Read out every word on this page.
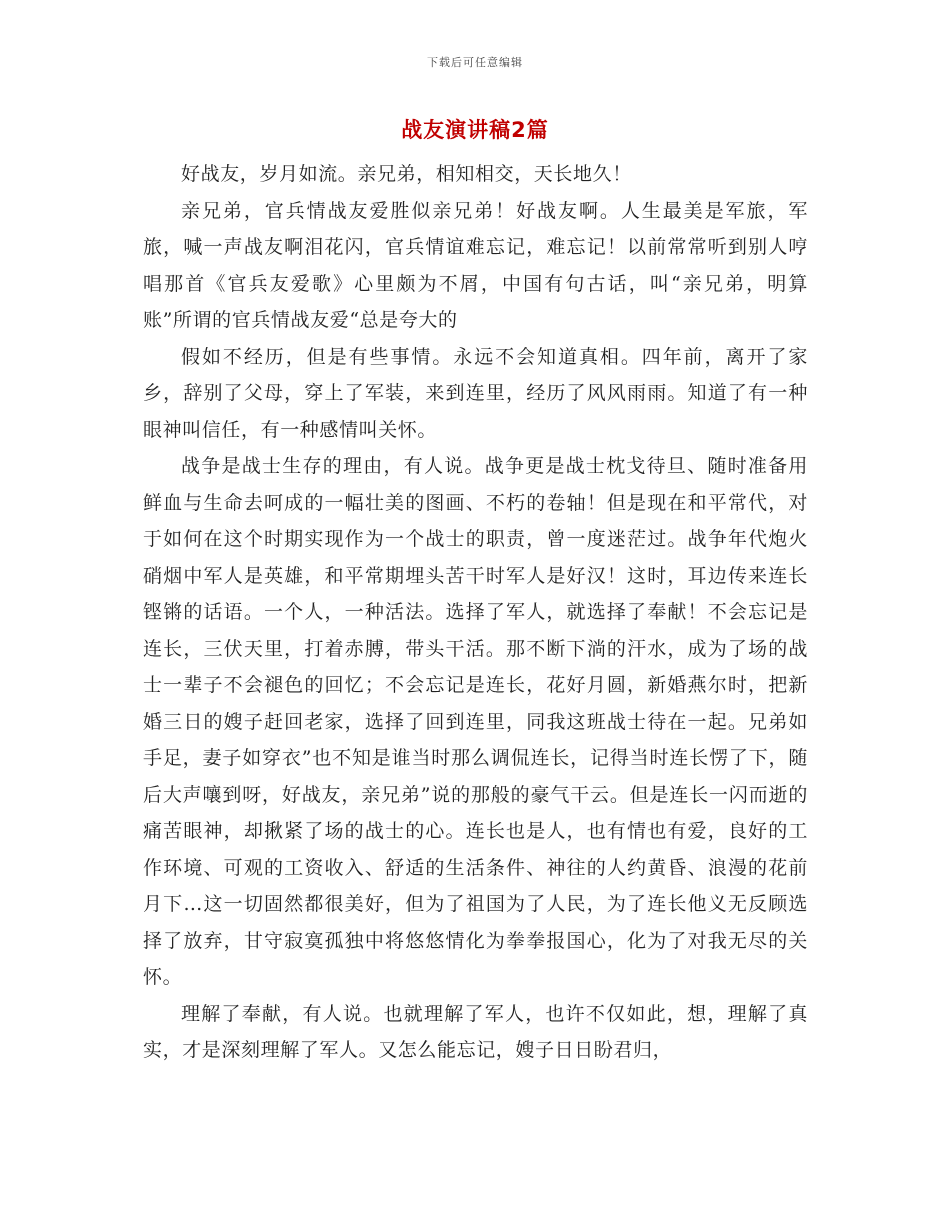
下载后可任意编辑
战友演讲稿2篇

好战友，岁月如流。亲兄弟，相知相交，天长地久！

亲兄弟，官兵情战友爱胜似亲兄弟！好战友啊。人生最美是军旅，军旅，喊一声战友啊泪花闪，官兵情谊难忘记，难忘记！以前常常听到别人哼唱那首《官兵友爱歌》心里颇为不屑，中国有句古话，叫“亲兄弟，明算账”所谓的官兵情战友爱“总是夸大的

假如不经历，但是有些事情。永远不会知道真相。四年前，离开了家乡，辞别了父母，穿上了军装，来到连里，经历了风风雨雨。知道了有一种眼神叫信任，有一种感情叫关怀。

战争是战士生存的理由，有人说。战争更是战士枕戈待旦、随时准备用鲜血与生命去呵成的一幅壮美的图画、不朽的卷轴！但是现在和平常代，对于如何在这个时期实现作为一个战士的职责，曾一度迷茫过。战争年代炮火硝烟中军人是英雄，和平常期埋头苦干时军人是好汉！这时，耳边传来连长铿锵的话语。一个人，一种活法。选择了军人，就选择了奉献！不会忘记是连长，三伏天里，打着赤膊，带头干活。那不断下淌的汗水，成为了场的战士一辈子不会褪色的回忆；不会忘记是连长，花好月圆，新婚燕尔时，把新婚三日的嫂子赶回老家，选择了回到连里，同我这班战士待在一起。兄弟如手足，妻子如穿衣”也不知是谁当时那么调侃连长，记得当时连长愣了下，随后大声嚷到呀，好战友，亲兄弟”说的那般的豪气干云。但是连长一闪而逝的痛苦眼神，却揪紧了场的战士的心。连长也是人，也有情也有爱，良好的工作环境、可观的工资收入、舒适的生活条件、神往的人约黄昏、浪漫的花前月下…这一切固然都很美好，但为了祖国为了人民，为了连长他义无反顾选择了放弃，甘守寂寞孤独中将悠悠情化为拳拳报国心，化为了对我无尽的关怀。

理解了奉献，有人说。也就理解了军人，也许不仅如此，想，理解了真实，才是深刻理解了军人。又怎么能忘记，嫂子日日盼君归，
